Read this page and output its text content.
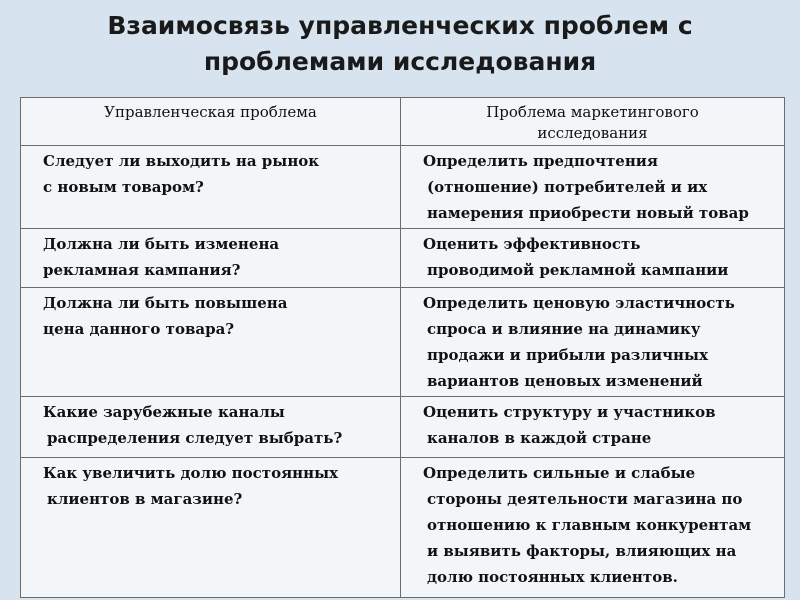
Взаимосвязь управленческих проблем с
проблемами исследования
Управленческая проблема	Проблема маркетингового
исследования

Следует ли выходить на рынок
с новым товаром?	Определить предпочтения
(отношение) потребителей и их
намерения приобрести новый товар

Должна ли быть изменена
рекламная кампания?	Оценить эффективность
проводимой рекламной кампании

Должна ли быть повышена
цена данного товара?	Определить ценовую эластичность
спроса и влияние на динамику
продажи и прибыли различных
вариантов ценовых изменений

Какие зарубежные каналы
распределения следует выбрать?	Оценить структуру и участников
каналов в каждой стране

Как увеличить долю постоянных
клиентов в магазине?	Определить сильные и слабые
стороны деятельности магазина по
отношению к главным конкурентам
и выявить факторы, влияющих на
долю постоянных клиентов.
